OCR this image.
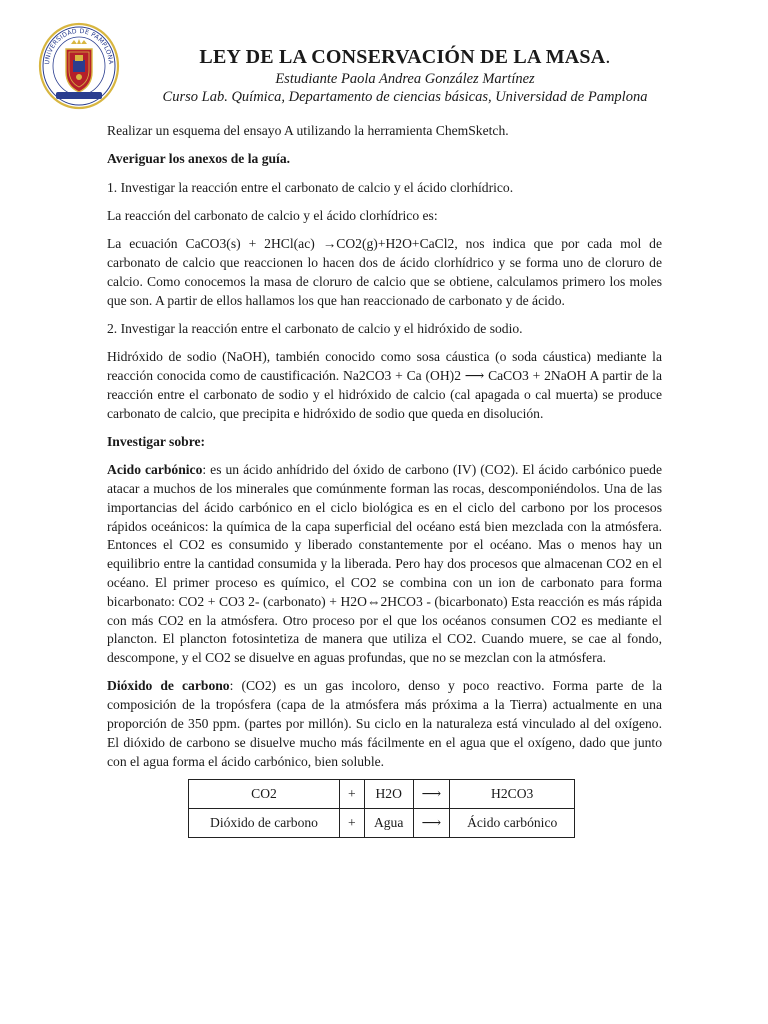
UNIVERSIDAD DE PAMPLONA	LEY DE LA CONSERVACIÓN DE LA MASA.

Estudiante Paola Andrea González Martínez

Curso Lab. Química, Departamento de ciencias básicas, Universidad de Pamplona

Realizar un esquema del ensayo A utilizando la herramienta ChemSketch.

Averiguar los anexos de la guía.

1. Investigar la reacción entre el carbonato de calcio y el ácido clorhídrico.

La reacción del carbonato de calcio y el ácido clorhídrico es:

La ecuación CaCO3(s) + 2HCl(ac) →CO2(g)+H2O+CaCl2, nos indica que por cada mol de carbonato de calcio que reaccionen lo hacen dos de ácido clorhídrico y se forma uno de cloruro de calcio. Como conocemos la masa de cloruro de calcio que se obtiene, calculamos primero los moles que son. A partir de ellos hallamos los que han reaccionado de carbonato y de ácido.

2. Investigar la reacción entre el carbonato de calcio y el hidróxido de sodio.

Hidróxido de sodio (NaOH), también conocido como sosa cáustica (o soda cáustica) mediante la reacción conocida como de caustificación. Na2CO3 + Ca (OH)2 ⟶ CaCO3 + 2NaOH A partir de la reacción entre el carbonato de sodio y el hidróxido de calcio (cal apagada o cal muerta) se produce carbonato de calcio, que precipita e hidróxido de sodio que queda en disolución.

Investigar sobre:

Acido carbónico: es un ácido anhídrido del óxido de carbono (IV) (CO2). El ácido carbónico puede atacar a muchos de los minerales que comúnmente forman las rocas, descomponiéndolos. Una de las importancias del ácido carbónico en el ciclo biológica es en el ciclo del carbono por los procesos rápidos oceánicos: la química de la capa superficial del océano está bien mezclada con la atmósfera. Entonces el CO2 es consumido y liberado constantemente por el océano. Mas o menos hay un equilibrio entre la cantidad consumida y la liberada. Pero hay dos procesos que almacenan CO2 en el océano. El primer proceso es químico, el CO2 se combina con un ion de carbonato para forma bicarbonato: CO2 + CO3 2- (carbonato) + H2O⇔2HCO3 - (bicarbonato) Esta reacción es más rápida con más CO2 en la atmósfera. Otro proceso por el que los océanos consumen CO2 es mediante el plancton. El plancton fotosintetiza de manera que utiliza el CO2. Cuando muere, se cae al fondo, descompone, y el CO2 se disuelve en aguas profundas, que no se mezclan con la atmósfera.

Dióxido de carbono: (CO2) es un gas incoloro, denso y poco reactivo. Forma parte de la composición de la tropósfera (capa de la atmósfera más próxima a la Tierra) actualmente en una proporción de 350 ppm. (partes por millón). Su ciclo en la naturaleza está vinculado al del oxígeno. El dióxido de carbono se disuelve mucho más fácilmente en el agua que el oxígeno, dado que junto con el agua forma el ácido carbónico, bien soluble.

CO2	+	H2O	⟶	H2CO3
Dióxido de carbono	+	Agua	⟶	Ácido carbónico
